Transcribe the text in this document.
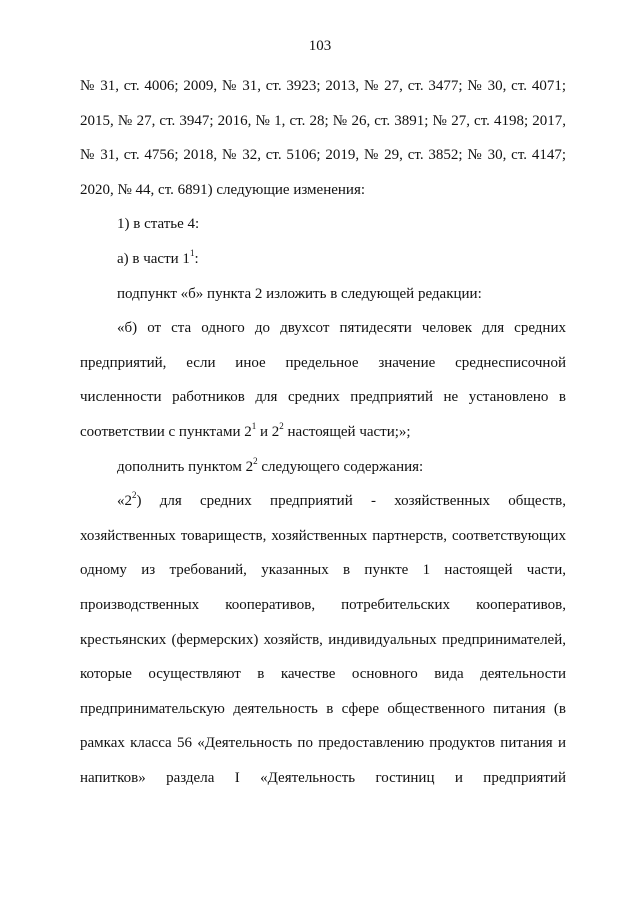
103
№ 31, ст. 4006; 2009, № 31, ст. 3923; 2013, № 27, ст. 3477; № 30, ст. 4071;
2015, № 27, ст. 3947; 2016, № 1, ст. 28; № 26, ст. 3891; № 27, ст. 4198; 2017,
№ 31, ст. 4756; 2018, № 32, ст. 5106; 2019, № 29, ст. 3852; № 30, ст. 4147;
2020, № 44, ст. 6891) следующие изменения:
1) в статье 4:
а) в части $1^1$:
подпункт «б» пункта 2 изложить в следующей редакции:
«б) от ста одного до двухсот пятидесяти человек для средних
предприятий, если иное предельное значение среднесписочной
численности работников для средних предприятий не установлено в
соответствии с пунктами $2^1$ и $2^2$ настоящей части;»;
дополнить пунктом $2^2$ следующего содержания:
«$2^2$) для средних предприятий - хозяйственных обществ,
хозяйственных товариществ, хозяйственных партнерств, соответствующих
одному из требований, указанных в пункте 1 настоящей части,
производственных кооперативов, потребительских кооперативов,
крестьянских (фермерских) хозяйств, индивидуальных предпринимателей,
которые осуществляют в качестве основного вида деятельности
предпринимательскую деятельность в сфере общественного питания (в
рамках класса 56 «Деятельность по предоставлению продуктов питания и
напитков» раздела I «Деятельность гостиниц и предприятий
